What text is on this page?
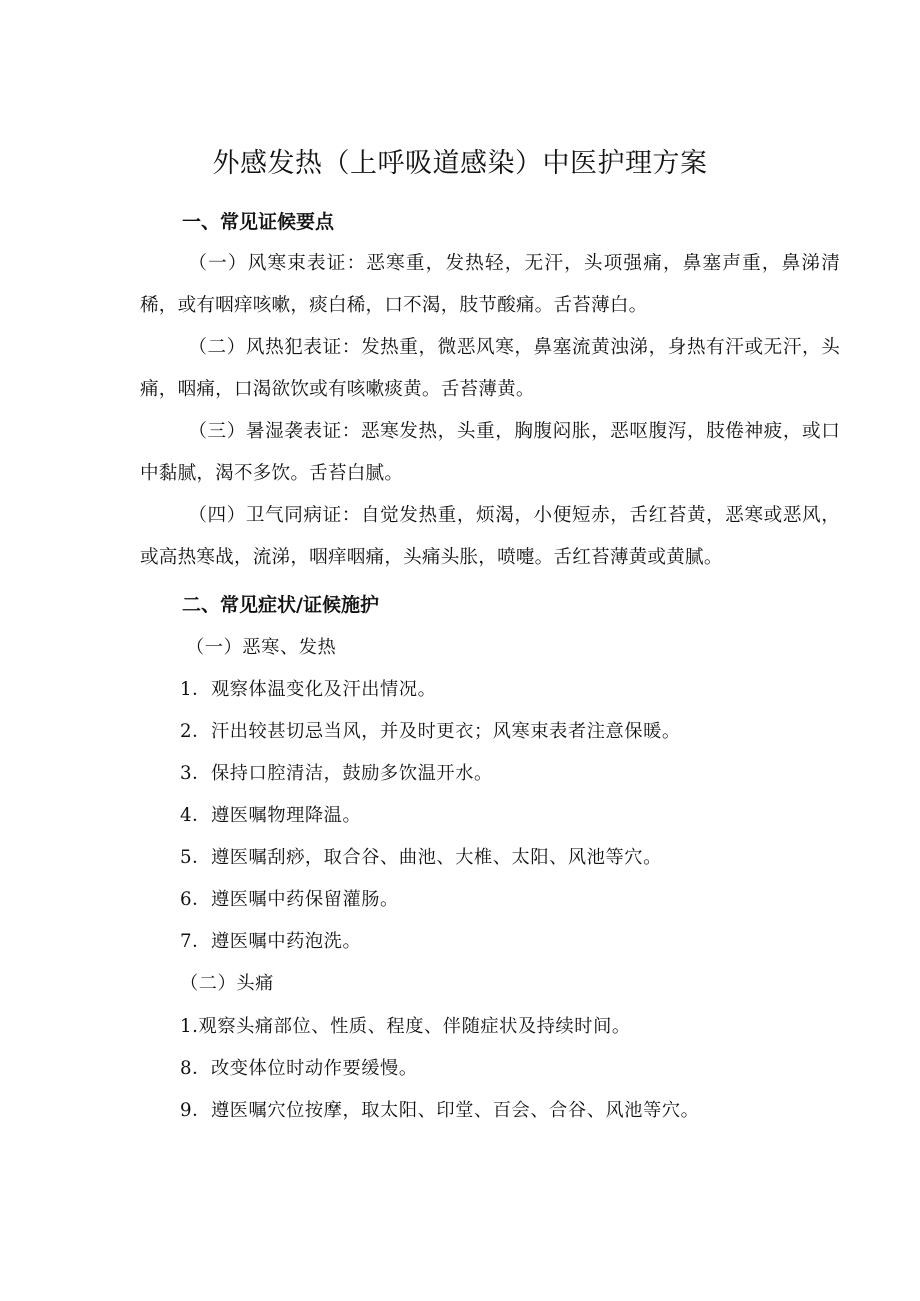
外感发热（上呼吸道感染）中医护理方案
一、常见证候要点

（一）风寒束表证：恶寒重，发热轻，无汗，头项强痛，鼻塞声重，鼻涕清稀，或有咽痒咳嗽，痰白稀，口不渴，肢节酸痛。舌苔薄白。

（二）风热犯表证：发热重，微恶风寒，鼻塞流黄浊涕，身热有汗或无汗，头痛，咽痛，口渴欲饮或有咳嗽痰黄。舌苔薄黄。

（三）暑湿袭表证：恶寒发热，头重，胸腹闷胀，恶呕腹泻，肢倦神疲，或口中黏腻，渴不多饮。舌苔白腻。

（四）卫气同病证：自觉发热重，烦渴，小便短赤，舌红苔黄，恶寒或恶风，或高热寒战，流涕，咽痒咽痛，头痛头胀，喷嚏。舌红苔薄黄或黄腻。

二、常见症状/证候施护
（一）恶寒、发热
1．观察体温变化及汗出情况。
2．汗出较甚切忌当风，并及时更衣；风寒束表者注意保暖。
3．保持口腔清洁，鼓励多饮温开水。
4．遵医嘱物理降温。
5．遵医嘱刮痧，取合谷、曲池、大椎、太阳、风池等穴。
6．遵医嘱中药保留灌肠。
7．遵医嘱中药泡洗。
（二）头痛
1.观察头痛部位、性质、程度、伴随症状及持续时间。
8．改变体位时动作要缓慢。
9．遵医嘱穴位按摩，取太阳、印堂、百会、合谷、风池等穴。
